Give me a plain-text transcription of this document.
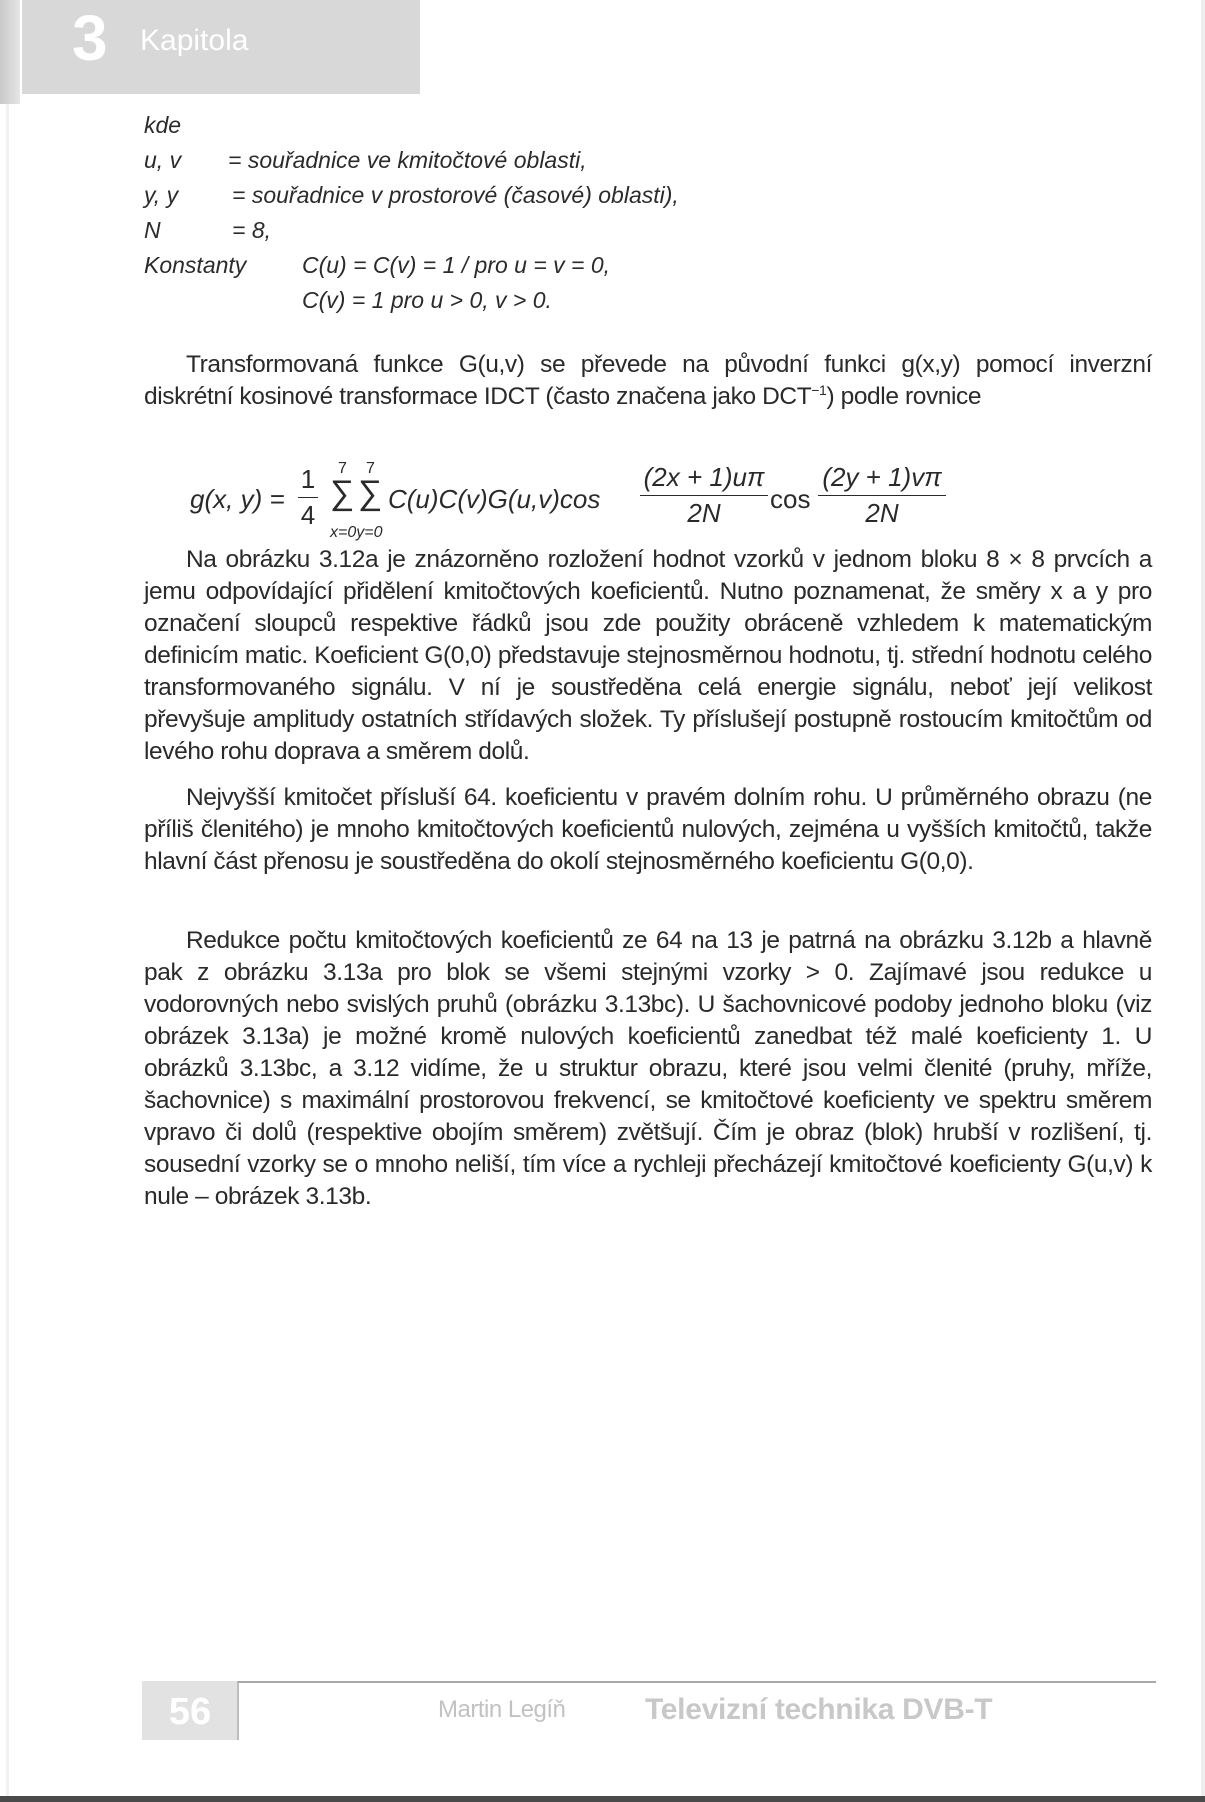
3 Kapitola
kde
u, v = souřadnice ve kmitočtové oblasti,
y, y = souřadnice v prostorové (časové) oblasti),
N	= 8,
Konstanty C(u) = C(v) = 1 / pro u = v = 0,
C(v) = 1 pro u > 0, v > 0.
Transformovaná funkce G(u,v) se převede na původní funkci g(x,y) pomocí inverzní diskrétní kosinové transformace IDCT (často značena jako $DCT^{-1}$) podle rovnice
g(x, y) =
1
4
7
∑
7
∑
x=0y=0
C(u)C(v)G(u,v)cos
(2x + 1)uπ
2N	cos
(2y + 1)vπ
2N
Na obrázku 3.12a je znázorněno rozložení hodnot vzorků v jednom bloku 8 × 8 prvcích a jemu odpovídající přidělení kmitočtových koeficientů. Nutno poznamenat, že směry x a y pro označení sloupců respektive řádků jsou zde použity obráceně vzhledem k matematickým definicím matic. Koeficient G(0,0) představuje stejnosměrnou hodnotu, tj. střední hodnotu celého transformovaného signálu. V ní je soustředěna celá energie signálu, neboť její velikost převyšuje amplitudy ostatních střídavých složek. Ty příslušejí postupně rostoucím kmitočtům od levého rohu doprava a směrem dolů.
Nejvyšší kmitočet přísluší 64. koeficientu v pravém dolním rohu. U průměrného obrazu (ne příliš členitého) je mnoho kmitočtových koeficientů nulových, zejména u vyšších kmitočtů, takže hlavní část přenosu je soustředěna do okolí stejnosměrného koeficientu G(0,0).
Redukce počtu kmitočtových koeficientů ze 64 na 13 je patrná na obrázku 3.12b a hlavně pak z obrázku 3.13a pro blok se všemi stejnými vzorky > 0. Zajímavé jsou redukce u vodorovných nebo svislých pruhů (obrázku 3.13bc). U šachovnicové podoby jednoho bloku (viz obrázek 3.13a) je možné kromě nulových koeficientů zanedbat též malé koeficienty 1. U obrázků 3.13bc, a 3.12 vidíme, že u struktur obrazu, které jsou velmi členité (pruhy, mříže, šachovnice) s maximální prostorovou frekvencí, se kmitočtové koeficienty ve spektru směrem vpravo či dolů (respektive obojím směrem) zvětšují. Čím je obraz (blok) hrubší v rozlišení, tj. sousední vzorky se o mnoho neliší, tím více a rychleji přecházejí kmitočtové koeficienty G(u,v) k nule – obrázek 3.13b.
56	Martin Legíň	Televizní technika DVB-T
